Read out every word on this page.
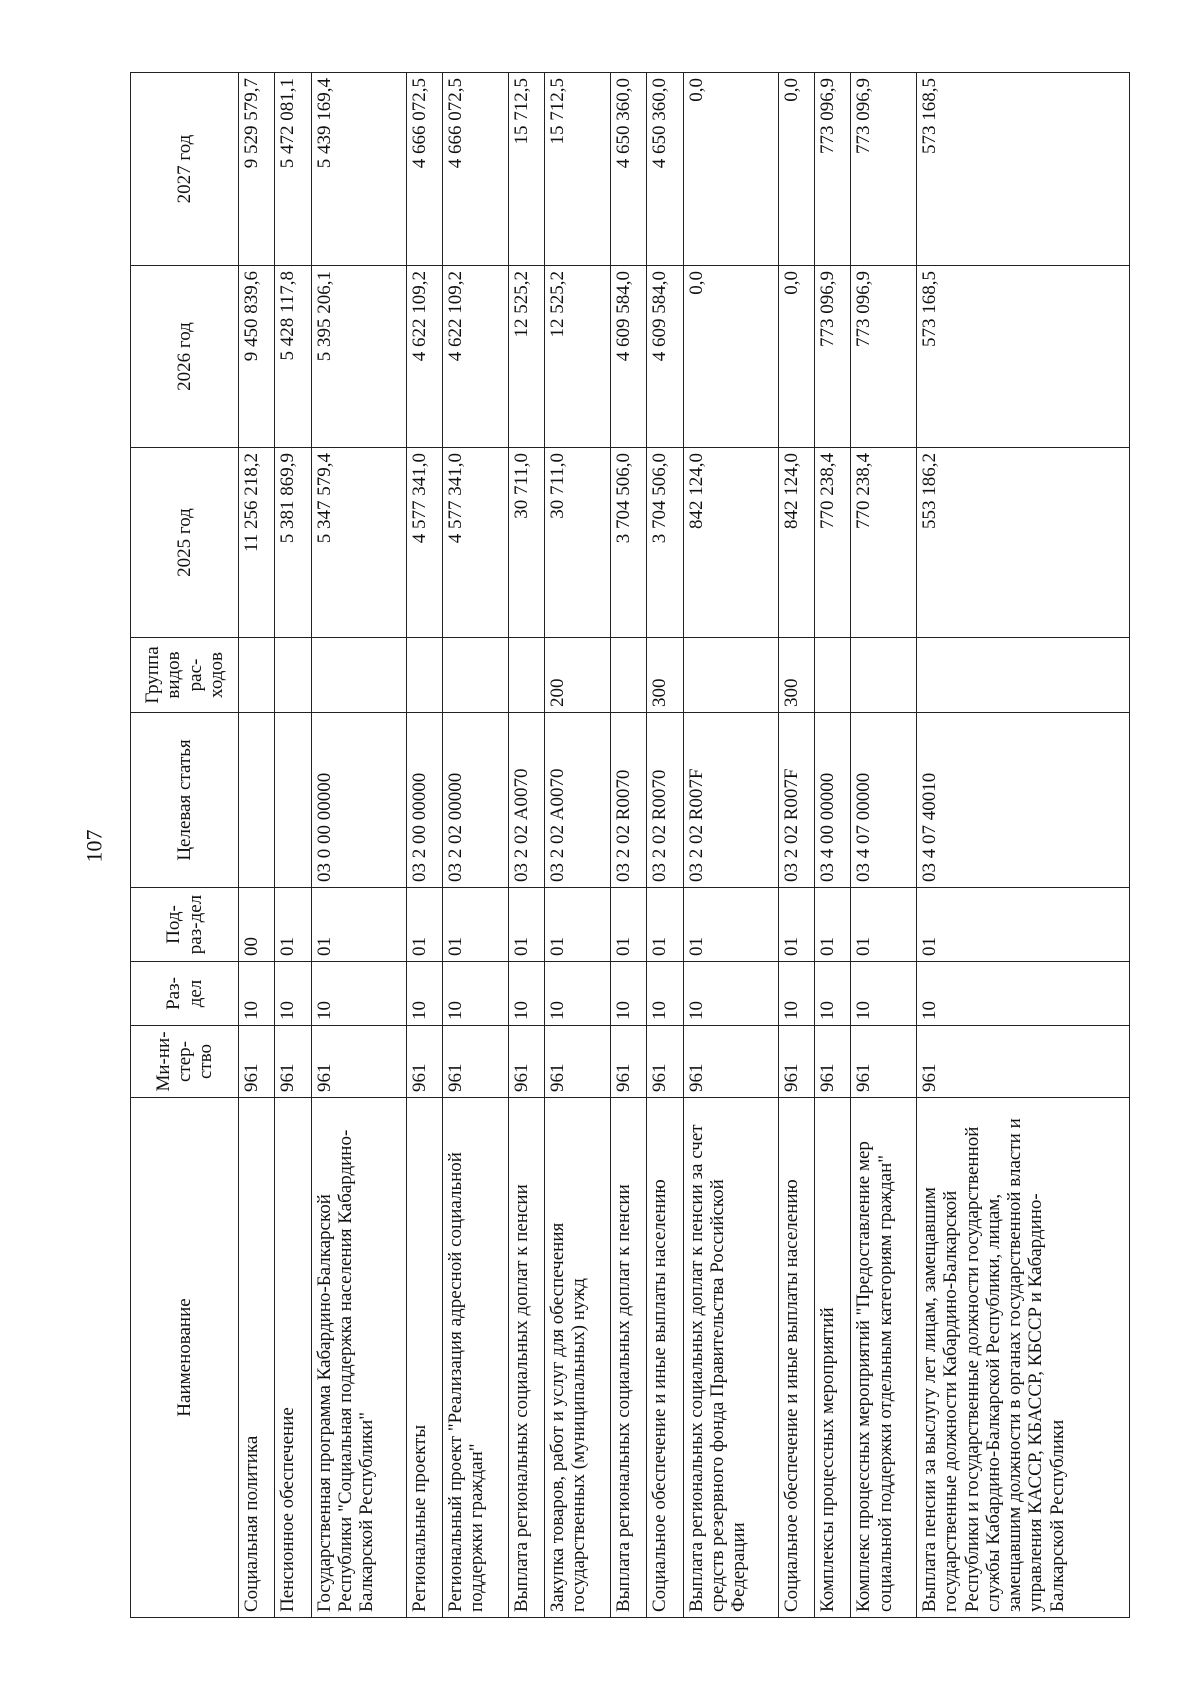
107
Наименование	Ми-ни-стер-ство	Раз-дел	Под-раз-дел	Целевая статья	Группа видов рас-ходов	2025 год	2026 год	2027 год
Социальная политика	961	10	00			11 256 218,2	9 450 839,6	9 529 579,7
Пенсионное обеспечение	961	10	01			5 381 869,9	5 428 117,8	5 472 081,1
Государственная программа Кабардино-Балкарской Республики "Социальная поддержка населения Кабардино-Балкарской Республики"	961	10	01	03 0 00 00000		5 347 579,4	5 395 206,1	5 439 169,4
Региональные проекты	961	10	01	03 2 00 00000		4 577 341,0	4 622 109,2	4 666 072,5
Региональный проект "Реализация адресной социальной поддержки граждан"	961	10	01	03 2 02 00000		4 577 341,0	4 622 109,2	4 666 072,5
Выплата региональных социальных доплат к пенсии	961	10	01	03 2 02 А0070		30 711,0	12 525,2	15 712,5
Закупка товаров, работ и услуг для обеспечения государственных (муниципальных) нужд	961	10	01	03 2 02 А0070	200	30 711,0	12 525,2	15 712,5
Выплата региональных социальных доплат к пенсии	961	10	01	03 2 02 R0070		3 704 506,0	4 609 584,0	4 650 360,0
Социальное обеспечение и иные выплаты населению	961	10	01	03 2 02 R0070	300	3 704 506,0	4 609 584,0	4 650 360,0
Выплата региональных социальных доплат к пенсии за счет средств резервного фонда Правительства Российской Федерации	961	10	01	03 2 02 R007F		842 124,0	0,0	0,0
Социальное обеспечение и иные выплаты населению	961	10	01	03 2 02 R007F	300	842 124,0	0,0	0,0
Комплексы процессных мероприятий	961	10	01	03 4 00 00000		770 238,4	773 096,9	773 096,9
Комплекс процессных мероприятий "Предоставление мер социальной поддержки отдельным категориям граждан"	961	10	01	03 4 07 00000		770 238,4	773 096,9	773 096,9
Выплата пенсии за выслугу лет лицам, замещавшим государственные должности Кабардино-Балкарской Республики и государственные должности государственной службы Кабардино-Балкарской Республики, лицам, замещавшим должности в органах государственной власти и управления КАССР, КБАССР, КБССР и Кабардино-Балкарской Республики	961	10	01	03 4 07 40010		553 186,2	573 168,5	573 168,5
